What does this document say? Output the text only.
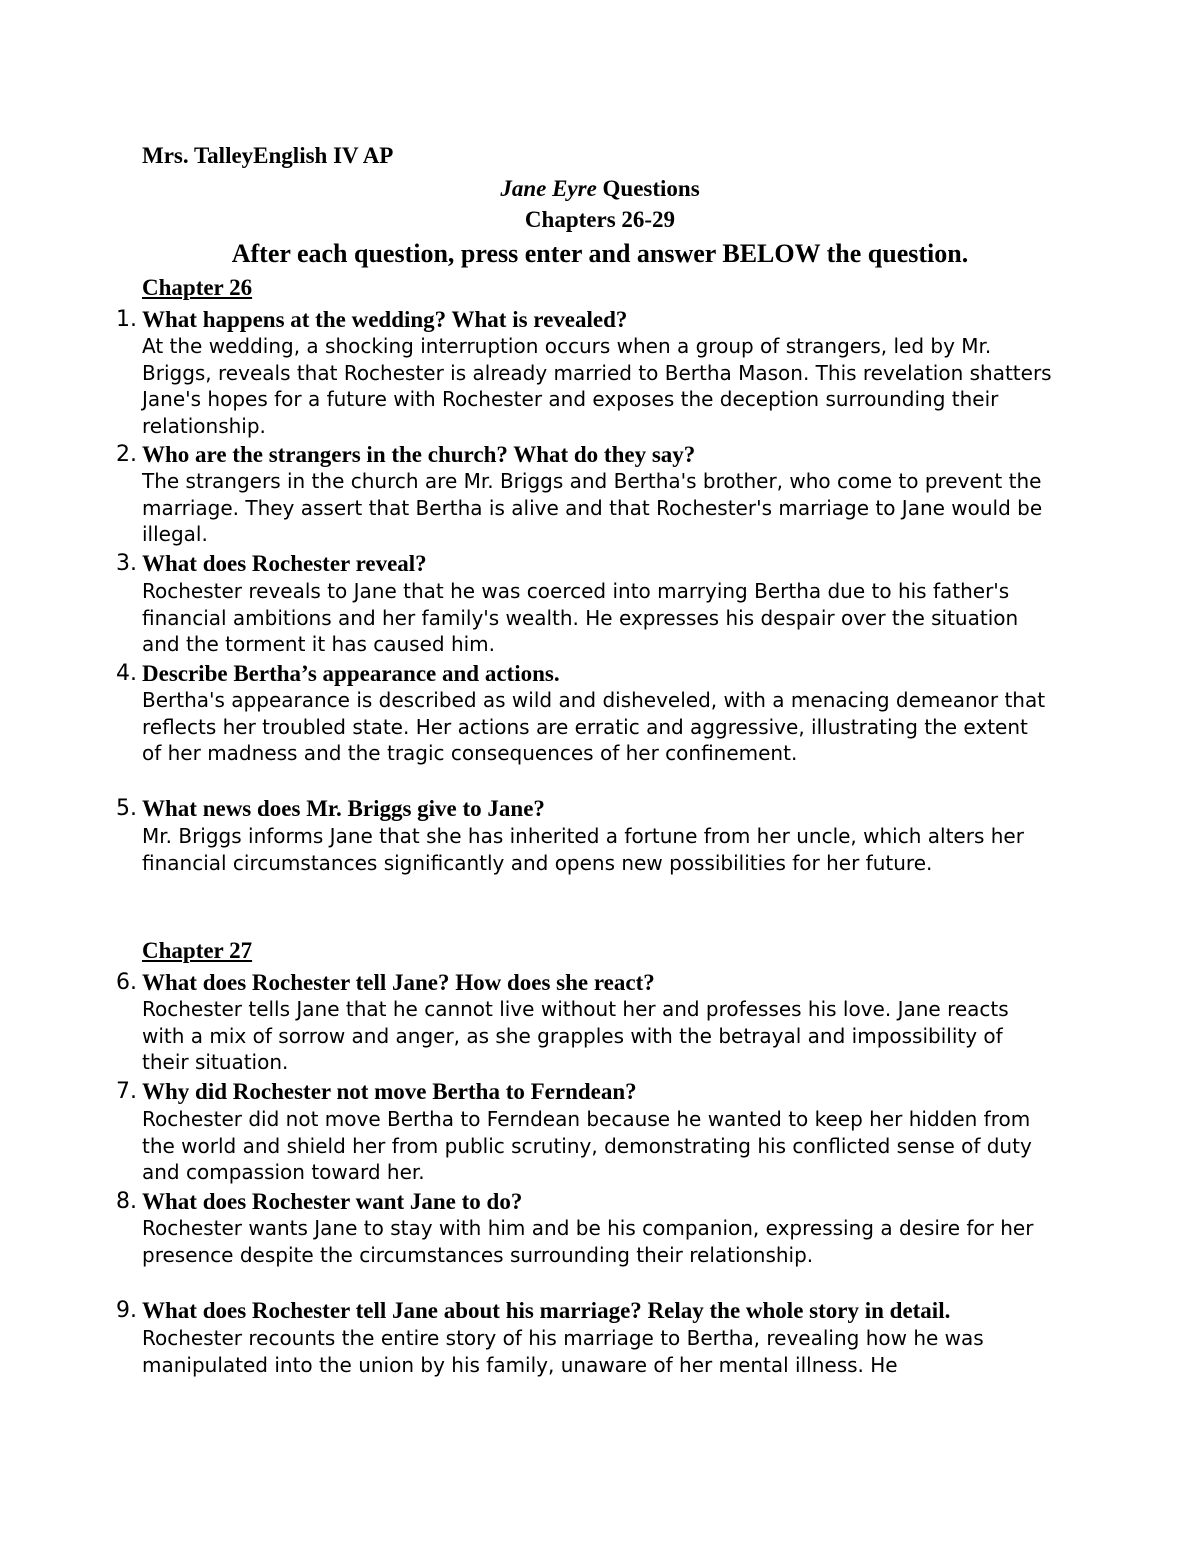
Mrs. TalleyEnglish IV AP
Jane Eyre Questions
Chapters 26-29
After each question, press enter and answer BELOW the question.
Chapter 26
1. What happens at the wedding? What is revealed?
At the wedding, a shocking interruption occurs when a group of strangers, led by Mr. Briggs, reveals that Rochester is already married to Bertha Mason. This revelation shatters Jane's hopes for a future with Rochester and exposes the deception surrounding their relationship.
2. Who are the strangers in the church? What do they say?
The strangers in the church are Mr. Briggs and Bertha's brother, who come to prevent the marriage. They assert that Bertha is alive and that Rochester's marriage to Jane would be illegal.
3. What does Rochester reveal?
Rochester reveals to Jane that he was coerced into marrying Bertha due to his father's financial ambitions and her family's wealth. He expresses his despair over the situation and the torment it has caused him.
4. Describe Bertha’s appearance and actions.
Bertha's appearance is described as wild and disheveled, with a menacing demeanor that reflects her troubled state. Her actions are erratic and aggressive, illustrating the extent of her madness and the tragic consequences of her confinement.
5. What news does Mr. Briggs give to Jane?
Mr. Briggs informs Jane that she has inherited a fortune from her uncle, which alters her financial circumstances significantly and opens new possibilities for her future.
Chapter 27
6. What does Rochester tell Jane? How does she react?
Rochester tells Jane that he cannot live without her and professes his love. Jane reacts with a mix of sorrow and anger, as she grapples with the betrayal and impossibility of their situation.
7. Why did Rochester not move Bertha to Ferndean?
Rochester did not move Bertha to Ferndean because he wanted to keep her hidden from the world and shield her from public scrutiny, demonstrating his conflicted sense of duty and compassion toward her.
8. What does Rochester want Jane to do?
Rochester wants Jane to stay with him and be his companion, expressing a desire for her presence despite the circumstances surrounding their relationship.
9. What does Rochester tell Jane about his marriage? Relay the whole story in detail.
Rochester recounts the entire story of his marriage to Bertha, revealing how he was manipulated into the union by his family, unaware of her mental illness. He
